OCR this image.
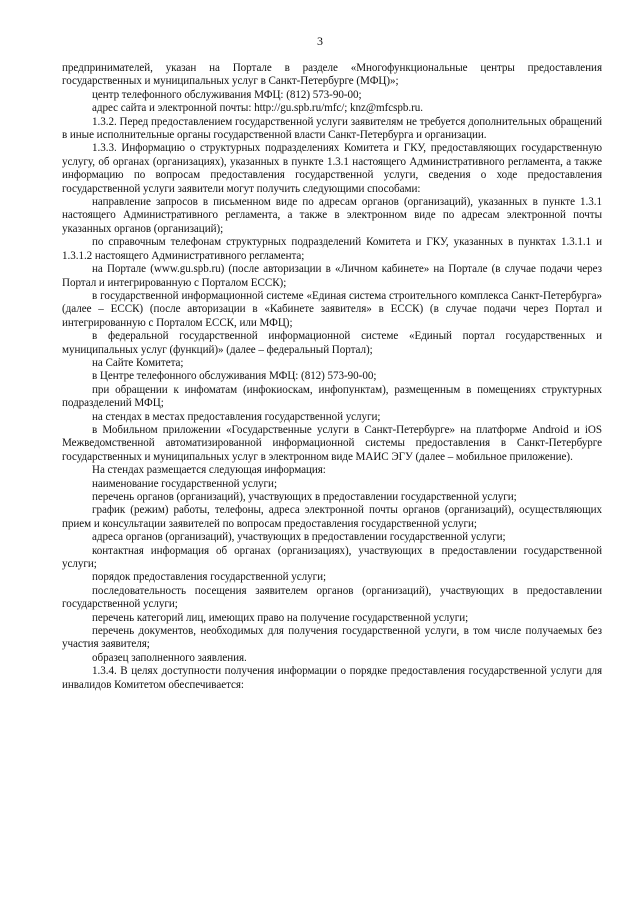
3

предпринимателей, указан на Портале в разделе «Многофункциональные центры предоставления государственных и муниципальных услуг в Санкт-Петербурге (МФЦ)»;

центр телефонного обслуживания МФЦ: (812) 573-90-00;

адрес сайта и электронной почты: http://gu.spb.ru/mfc/; knz@mfcspb.ru.

1.3.2. Перед предоставлением государственной услуги заявителям не требуется дополнительных обращений в иные исполнительные органы государственной власти Санкт-Петербурга и организации.

1.3.3. Информацию о структурных подразделениях Комитета и ГКУ, предоставляющих государственную услугу, об органах (организациях), указанных в пункте 1.3.1 настоящего Административного регламента, а также информацию по вопросам предоставления государственной услуги, сведения о ходе предоставления государственной услуги заявители могут получить следующими способами:

направление запросов в письменном виде по адресам органов (организаций), указанных в пункте 1.3.1 настоящего Административного регламента, а также в электронном виде по адресам электронной почты указанных органов (организаций);

по справочным телефонам структурных подразделений Комитета и ГКУ, указанных в пунктах 1.3.1.1 и 1.3.1.2 настоящего Административного регламента;

на Портале (www.gu.spb.ru) (после авторизации в «Личном кабинете» на Портале (в случае подачи через Портал и интегрированную с Порталом ЕССК);

в государственной информационной системе «Единая система строительного комплекса Санкт-Петербурга» (далее – ЕССК) (после авторизации в «Кабинете заявителя» в ЕССК) (в случае подачи через Портал и интегрированную с Порталом ЕССК, или МФЦ);

в федеральной государственной информационной системе «Единый портал государственных и муниципальных услуг (функций)» (далее – федеральный Портал);

на Сайте Комитета;

в Центре телефонного обслуживания МФЦ: (812) 573-90-00;

при обращении к инфоматам (инфокиоскам, инфопунктам), размещенным в помещениях структурных подразделений МФЦ;

на стендах в местах предоставления государственной услуги;

в Мобильном приложении «Государственные услуги в Санкт-Петербурге» на платформе Android и iOS Межведомственной автоматизированной информационной системы предоставления в Санкт-Петербурге государственных и муниципальных услуг в электронном виде МАИС ЭГУ (далее – мобильное приложение).

На стендах размещается следующая информация:

наименование государственной услуги;

перечень органов (организаций), участвующих в предоставлении государственной услуги;

график (режим) работы, телефоны, адреса электронной почты органов (организаций), осуществляющих прием и консультации заявителей по вопросам предоставления государственной услуги;

адреса органов (организаций), участвующих в предоставлении государственной услуги;

контактная информация об органах (организациях), участвующих в предоставлении государственной услуги;

порядок предоставления государственной услуги;

последовательность посещения заявителем органов (организаций), участвующих в предоставлении государственной услуги;

перечень категорий лиц, имеющих право на получение государственной услуги;

перечень документов, необходимых для получения государственной услуги, в том числе получаемых без участия заявителя;

образец заполненного заявления.

1.3.4. В целях доступности получения информации о порядке предоставления государственной услуги для инвалидов Комитетом обеспечивается:
